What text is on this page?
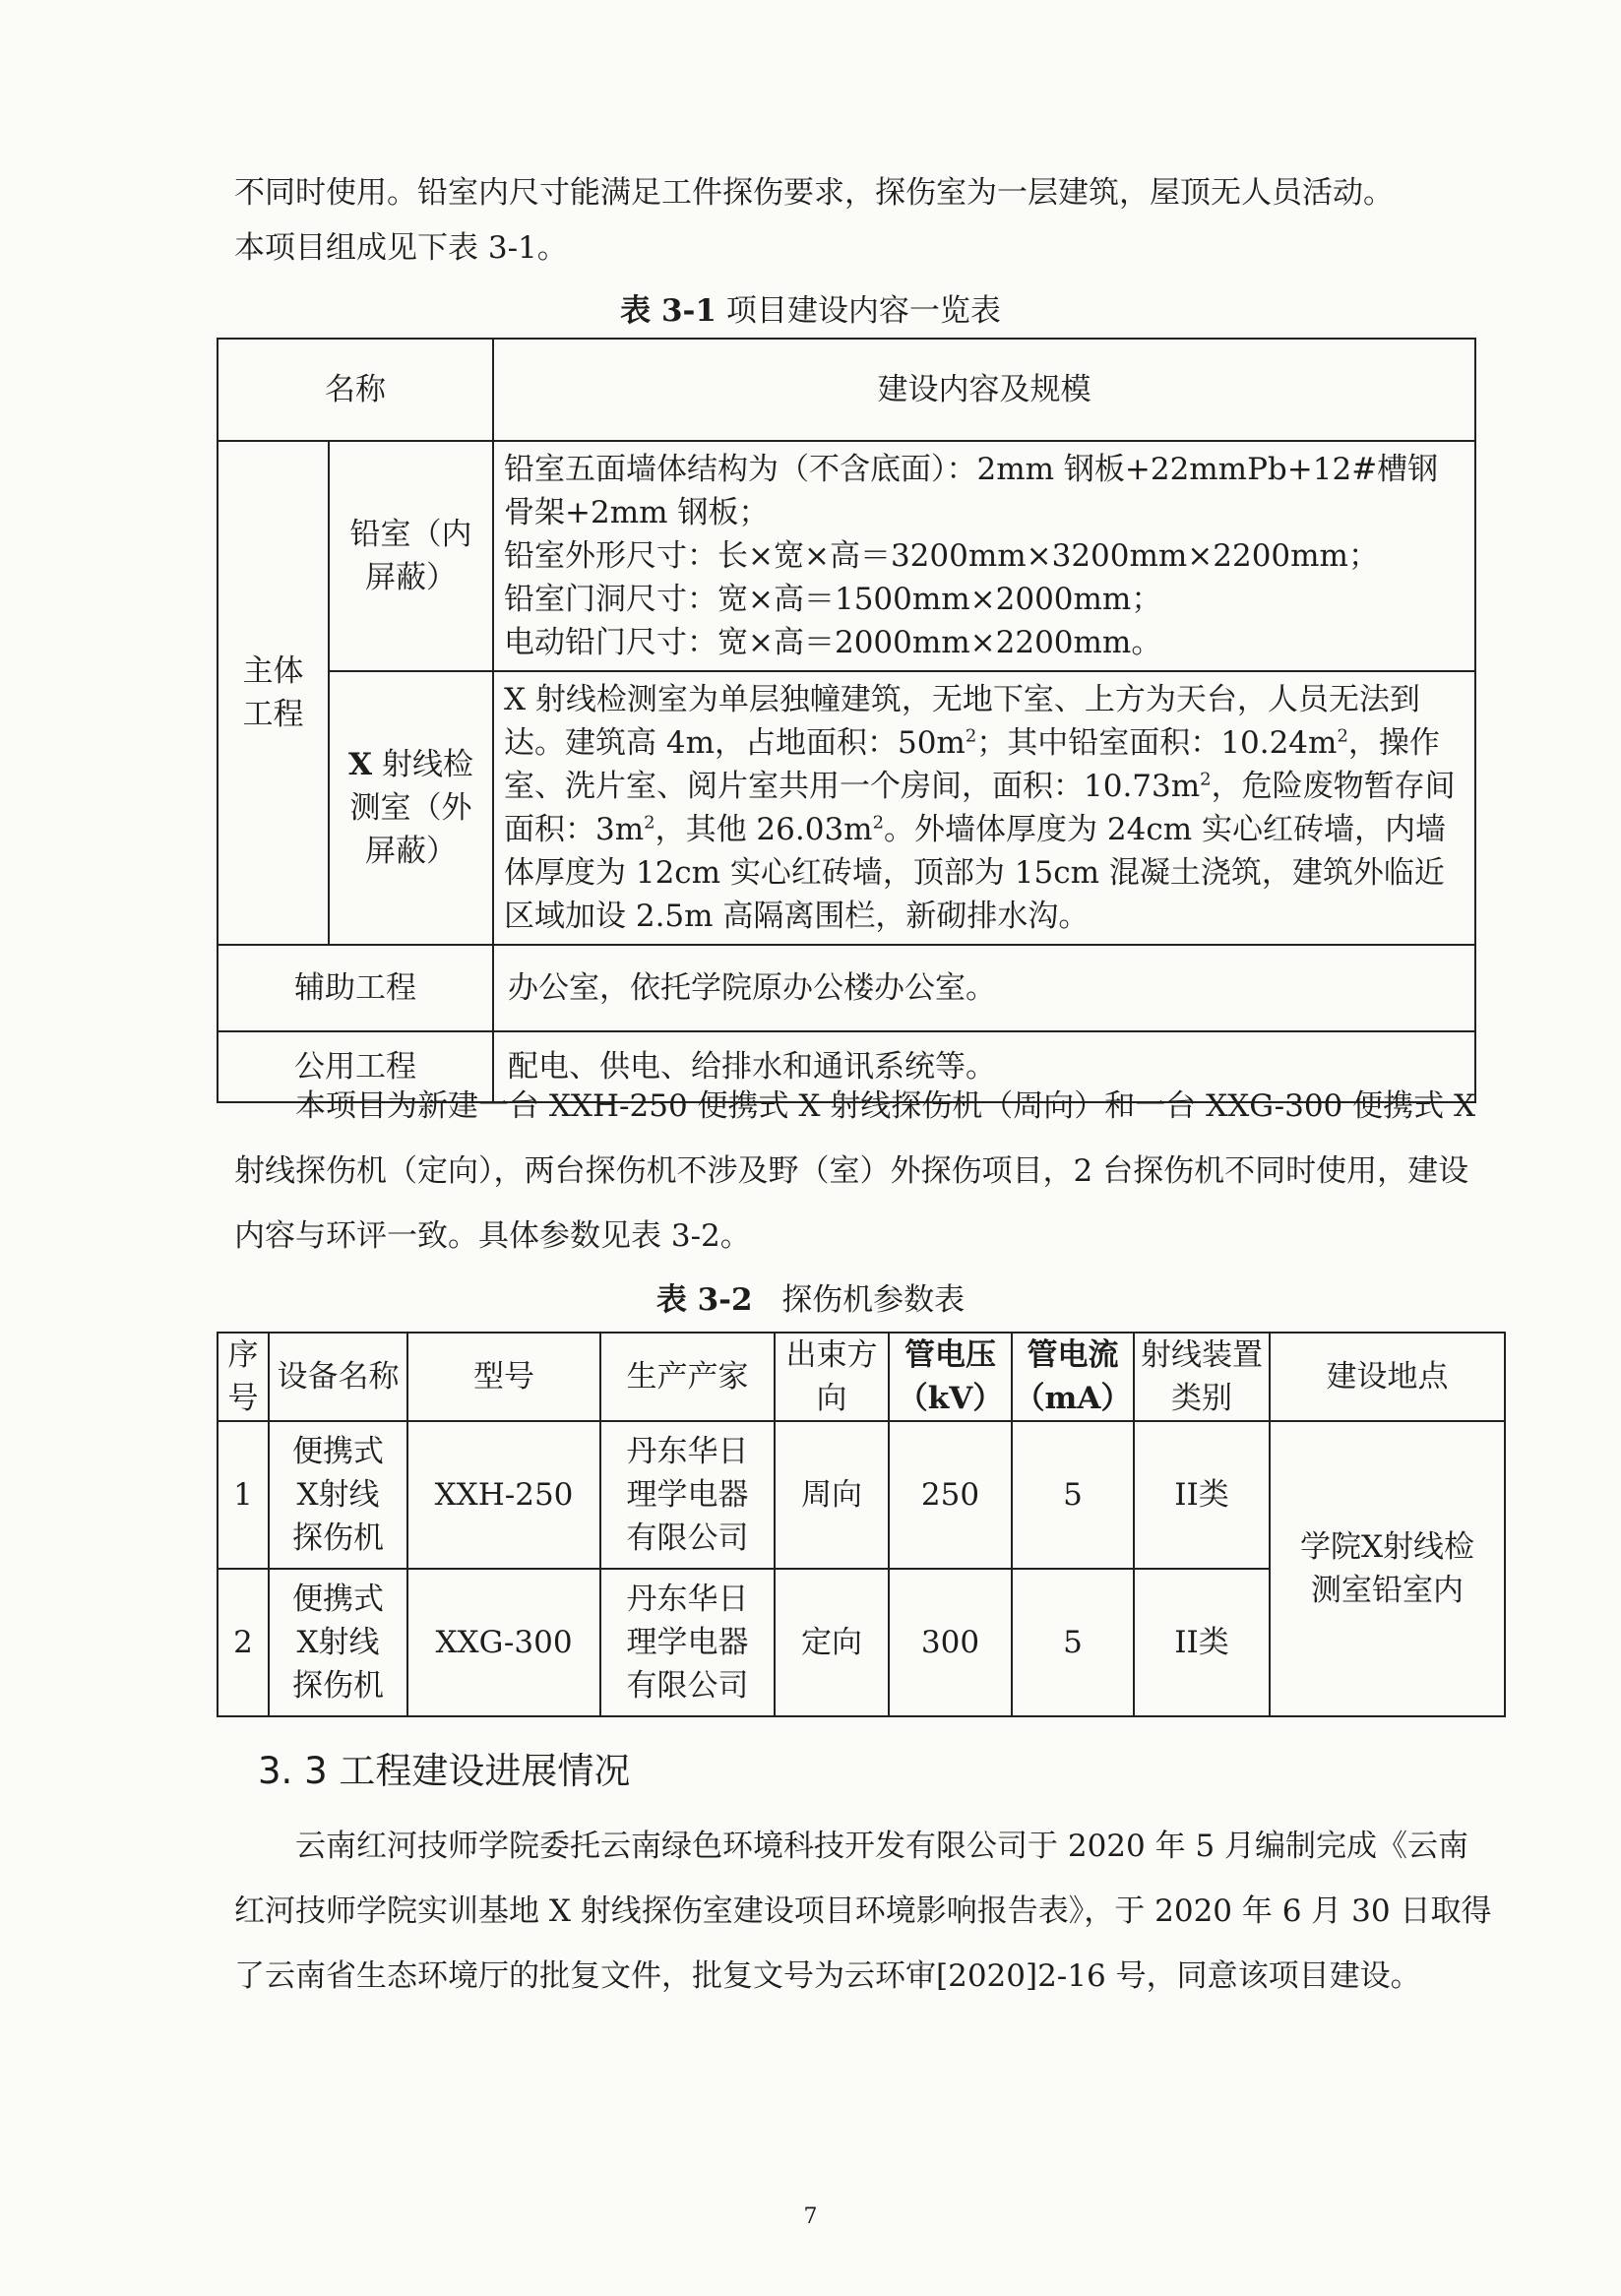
不同时使用。铅室内尺寸能满足工件探伤要求，探伤室为一层建筑，屋顶无人员活动。
本项目组成见下表 3-1。

表 3-1 项目建设内容一览表

名称		建设内容及规模
主体工程	铅室（内屏蔽）	铅室五面墙体结构为（不含底面）：2mm 钢板+22mmPb+12#槽钢骨架+2mm 钢板；
铅室外形尺寸：长×宽×高＝3200mm×3200mm×2200mm；
铅室门洞尺寸：宽×高＝1500mm×2000mm；
电动铅门尺寸：宽×高＝2000mm×2200mm。

	X 射线检测室（外屏蔽）	X 射线检测室为单层独幢建筑，无地下室、上方为天台，人员无法到达。建筑高 4m，占地面积：$50m^2$；其中铅室面积：$10.24m^2$，操作室、洗片室、阅片室共用一个房间，面积：$10.73m^2$，危险废物暂存间面积：$3m^2$，其他 $26.03m^2$。外墙体厚度为 24cm 实心红砖墙，内墙体厚度为 12cm 实心红砖墙，顶部为 15cm 混凝土浇筑，建筑外临近区域加设 2.5m 高隔离围栏，新砌排水沟。
辅助工程		办公室，依托学院原办公楼办公室。
公用工程		配电、供电、给排水和通讯系统等。

本项目为新建一台 XXH-250 便携式 X 射线探伤机（周向）和一台 XXG-300 便携式 X 射线探伤机（定向），两台探伤机不涉及野（室）外探伤项目，2 台探伤机不同时使用，建设内容与环评一致。具体参数见表 3-2。

表 3-2 探伤机参数表

序号	设备名称	型号	生产产家	出束方向	管电压（kV）	管电流（mA）	射线装置类别	建设地点
1	便携式X射线探伤机	XXH-250	丹东华日理学电器有限公司	周向	250	5	II类	学院X射线检测室铅室内
2	便携式X射线探伤机	XXG-300	丹东华日理学电器有限公司	定向	300	5	II类	

3. 3 工程建设进展情况

云南红河技师学院委托云南绿色环境科技开发有限公司于 2020 年 5 月编制完成《云南红河技师学院实训基地 X 射线探伤室建设项目环境影响报告表》，于 2020 年 6 月 30 日取得了云南省生态环境厅的批复文件，批复文号为云环审[2020]2-16 号，同意该项目建设。

7
